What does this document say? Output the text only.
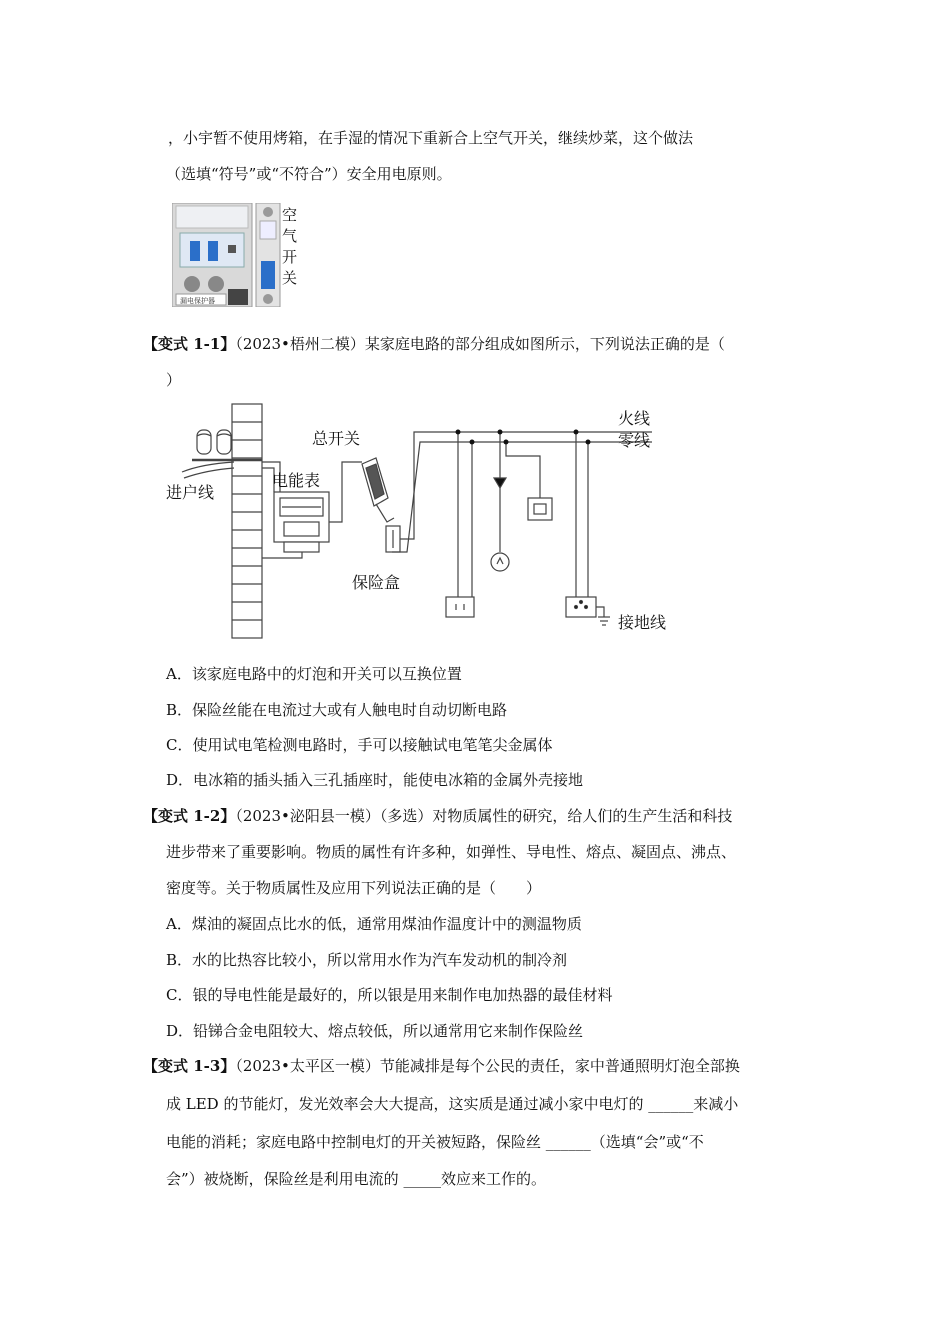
，小宇暂不使用烤箱，在手湿的情况下重新合上空气开关，继续炒菜，这个做法
（选填“符号”或“不符合”）安全用电原则。
漏电保护器
空
气
开
关
【变式 1-1】（2023•梧州二模）某家庭电路的部分组成如图所示，下列说法正确的是（
）
火线
零线
总开关
进户线
电能表
保险盒
接地线
A．该家庭电路中的灯泡和开关可以互换位置
B．保险丝能在电流过大或有人触电时自动切断电路
C．使用试电笔检测电路时，手可以接触试电笔笔尖金属体
D．电冰箱的插头插入三孔插座时，能使电冰箱的金属外壳接地
【变式 1-2】（2023•泌阳县一模）（多选）对物质属性的研究，给人们的生产生活和科技
进步带来了重要影响。物质的属性有许多种，如弹性、导电性、熔点、凝固点、沸点、
密度等。关于物质属性及应用下列说法正确的是（　　）
A．煤油的凝固点比水的低，通常用煤油作温度计中的测温物质
B．水的比热容比较小，所以常用水作为汽车发动机的制冷剂
C．银的导电性能是最好的，所以银是用来制作电加热器的最佳材料
D．铅锑合金电阻较大、熔点较低，所以通常用它来制作保险丝
【变式 1-3】（2023•太平区一模）节能减排是每个公民的责任，家中普通照明灯泡全部换
成 LED 的节能灯，发光效率会大大提高，这实质是通过减小家中电灯的 ______来减小
电能的消耗；家庭电路中控制电灯的开关被短路，保险丝 ______（选填“会”或“不
会”）被烧断，保险丝是利用电流的 _____效应来工作的。
